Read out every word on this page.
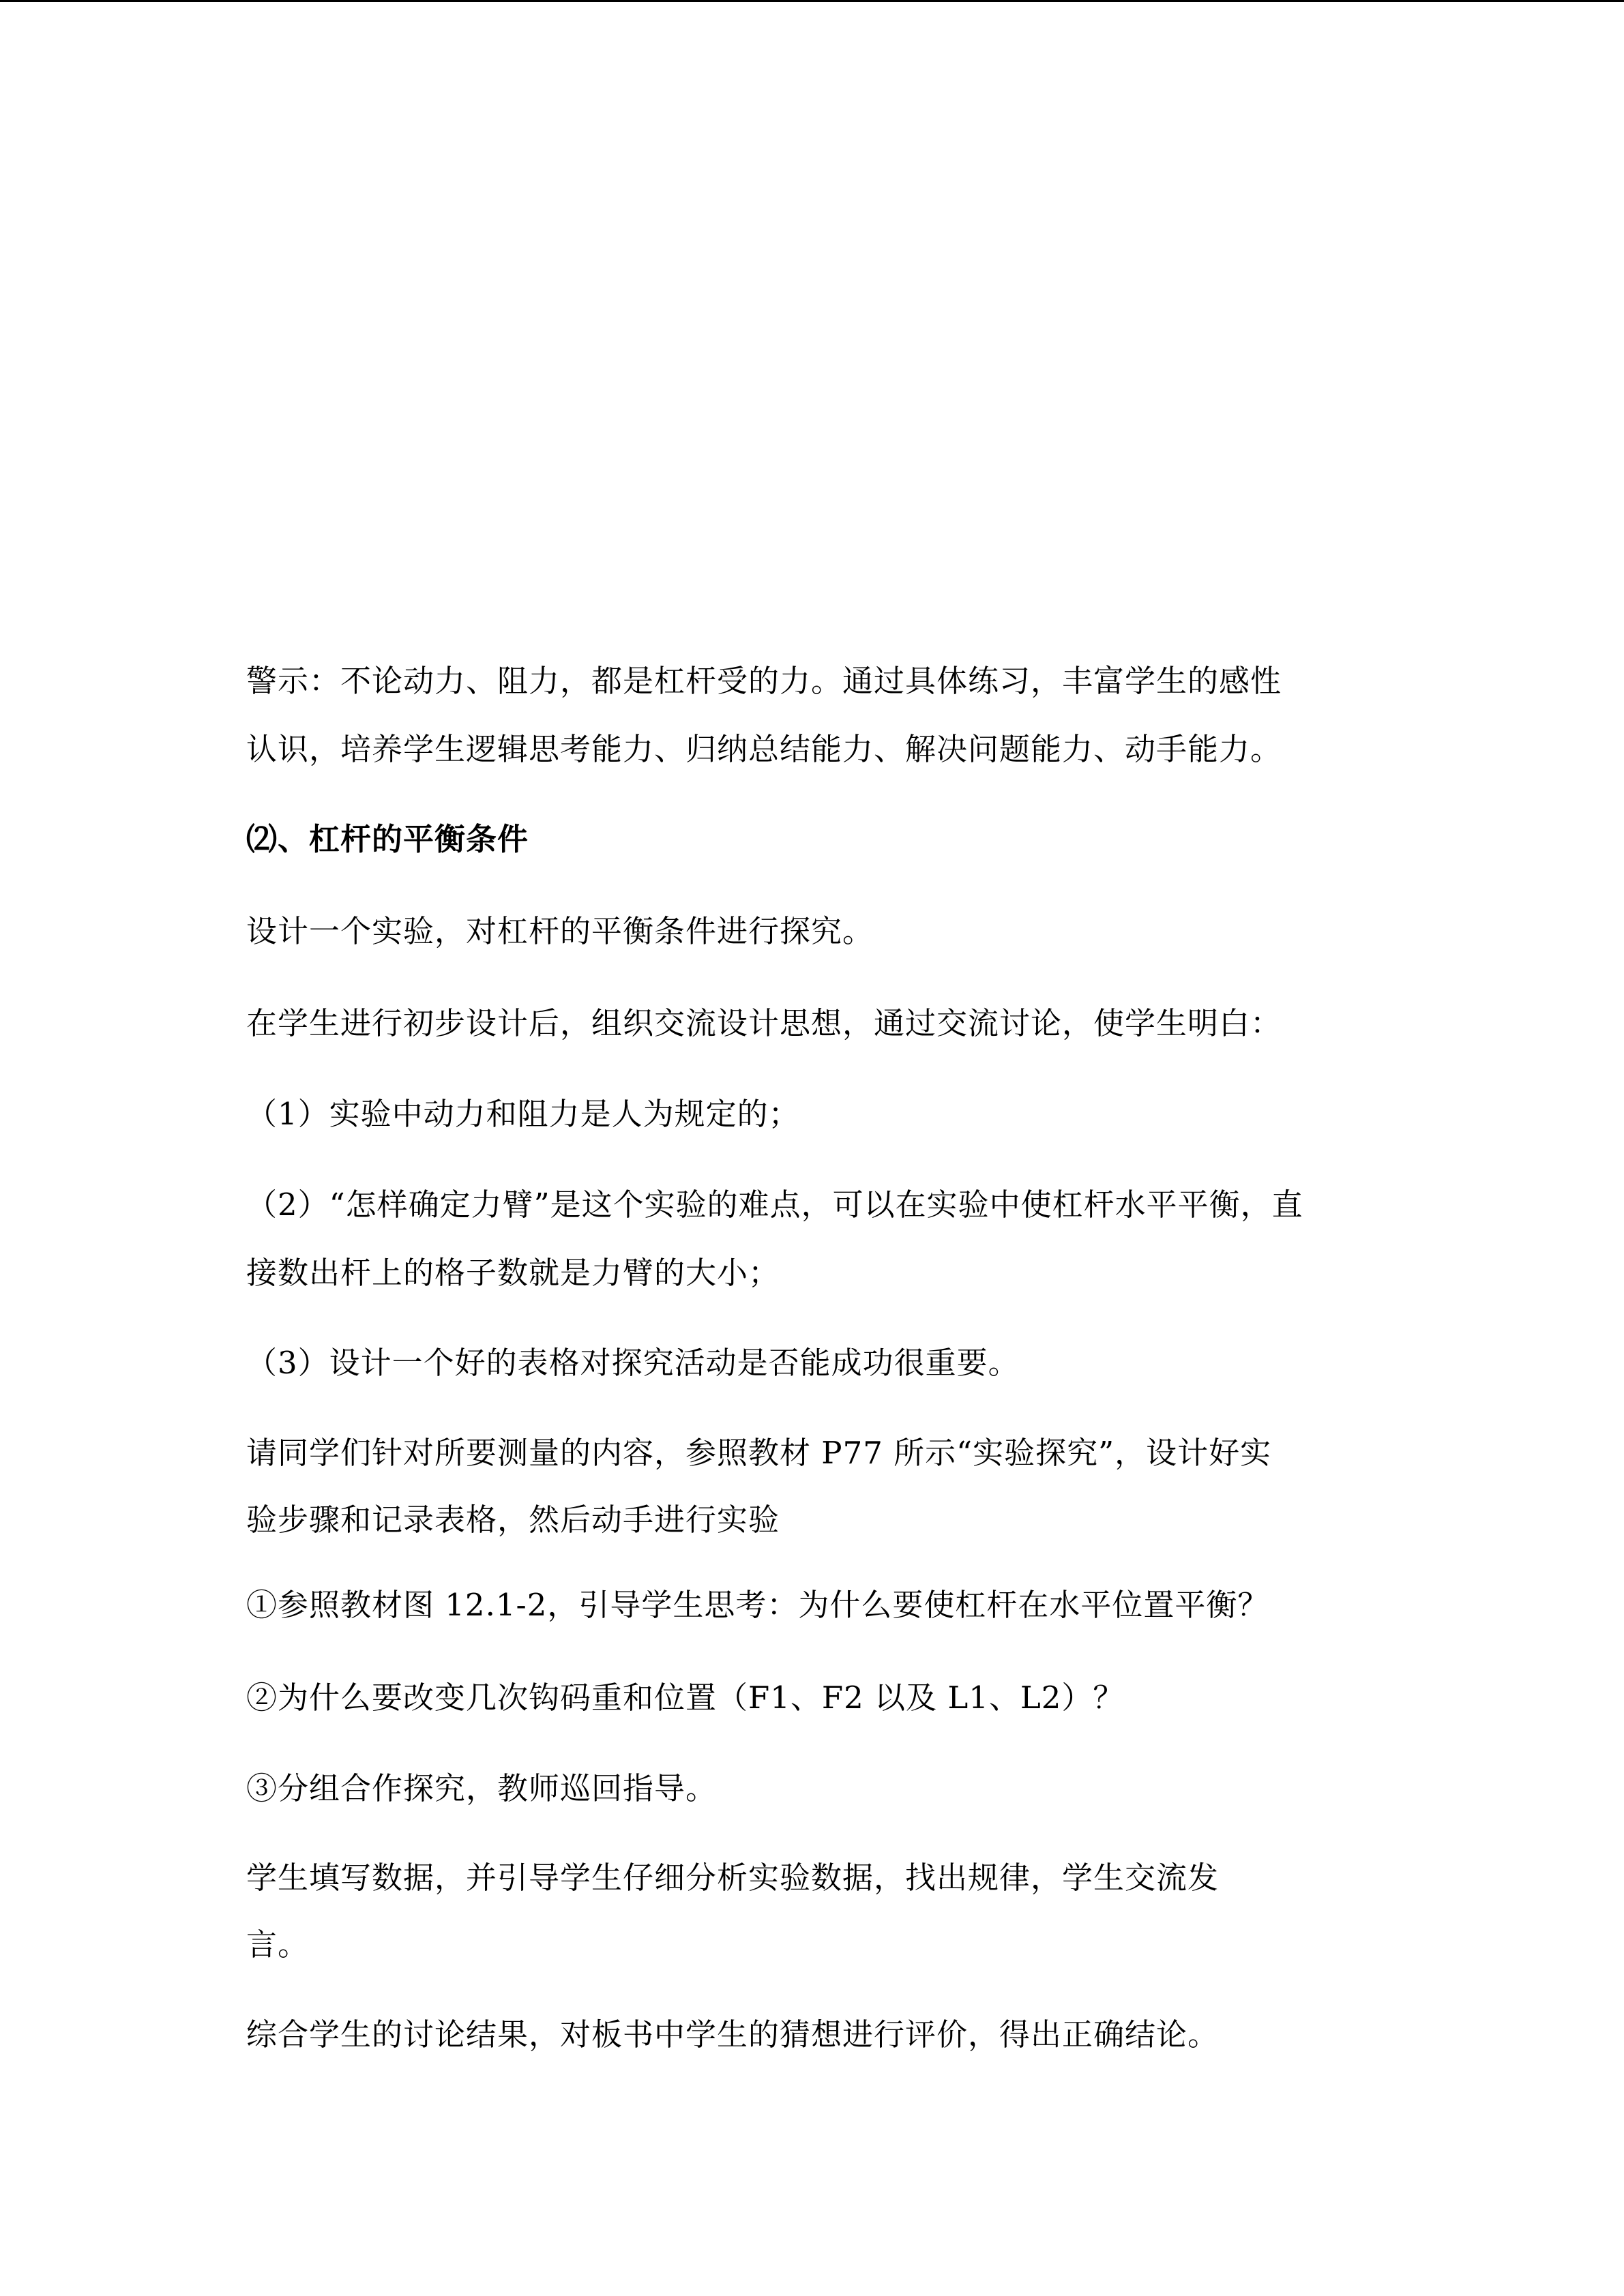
警示：不论动力、阻力，都是杠杆受的力。通过具体练习，丰富学生的感性
认识，培养学生逻辑思考能力、归纳总结能力、解决问题能力、动手能力。
⑵、杠杆的平衡条件
设计一个实验，对杠杆的平衡条件进行探究。
在学生进行初步设计后，组织交流设计思想，通过交流讨论，使学生明白：
（1）实验中动力和阻力是人为规定的；
（2）“怎样确定力臂”是这个实验的难点，可以在实验中使杠杆水平平衡，直
接数出杆上的格子数就是力臂的大小；
（3）设计一个好的表格对探究活动是否能成功很重要。
请同学们针对所要测量的内容，参照教材 P77 所示“实验探究”，设计好实
验步骤和记录表格，然后动手进行实验
①参照教材图 12.1-2，引导学生思考：为什么要使杠杆在水平位置平衡？
②为什么要改变几次钩码重和位置（F1、F2 以及 L1、L2）？
③分组合作探究，教师巡回指导。
学生填写数据，并引导学生仔细分析实验数据，找出规律，学生交流发
言。
综合学生的讨论结果，对板书中学生的猜想进行评价，得出正确结论。
